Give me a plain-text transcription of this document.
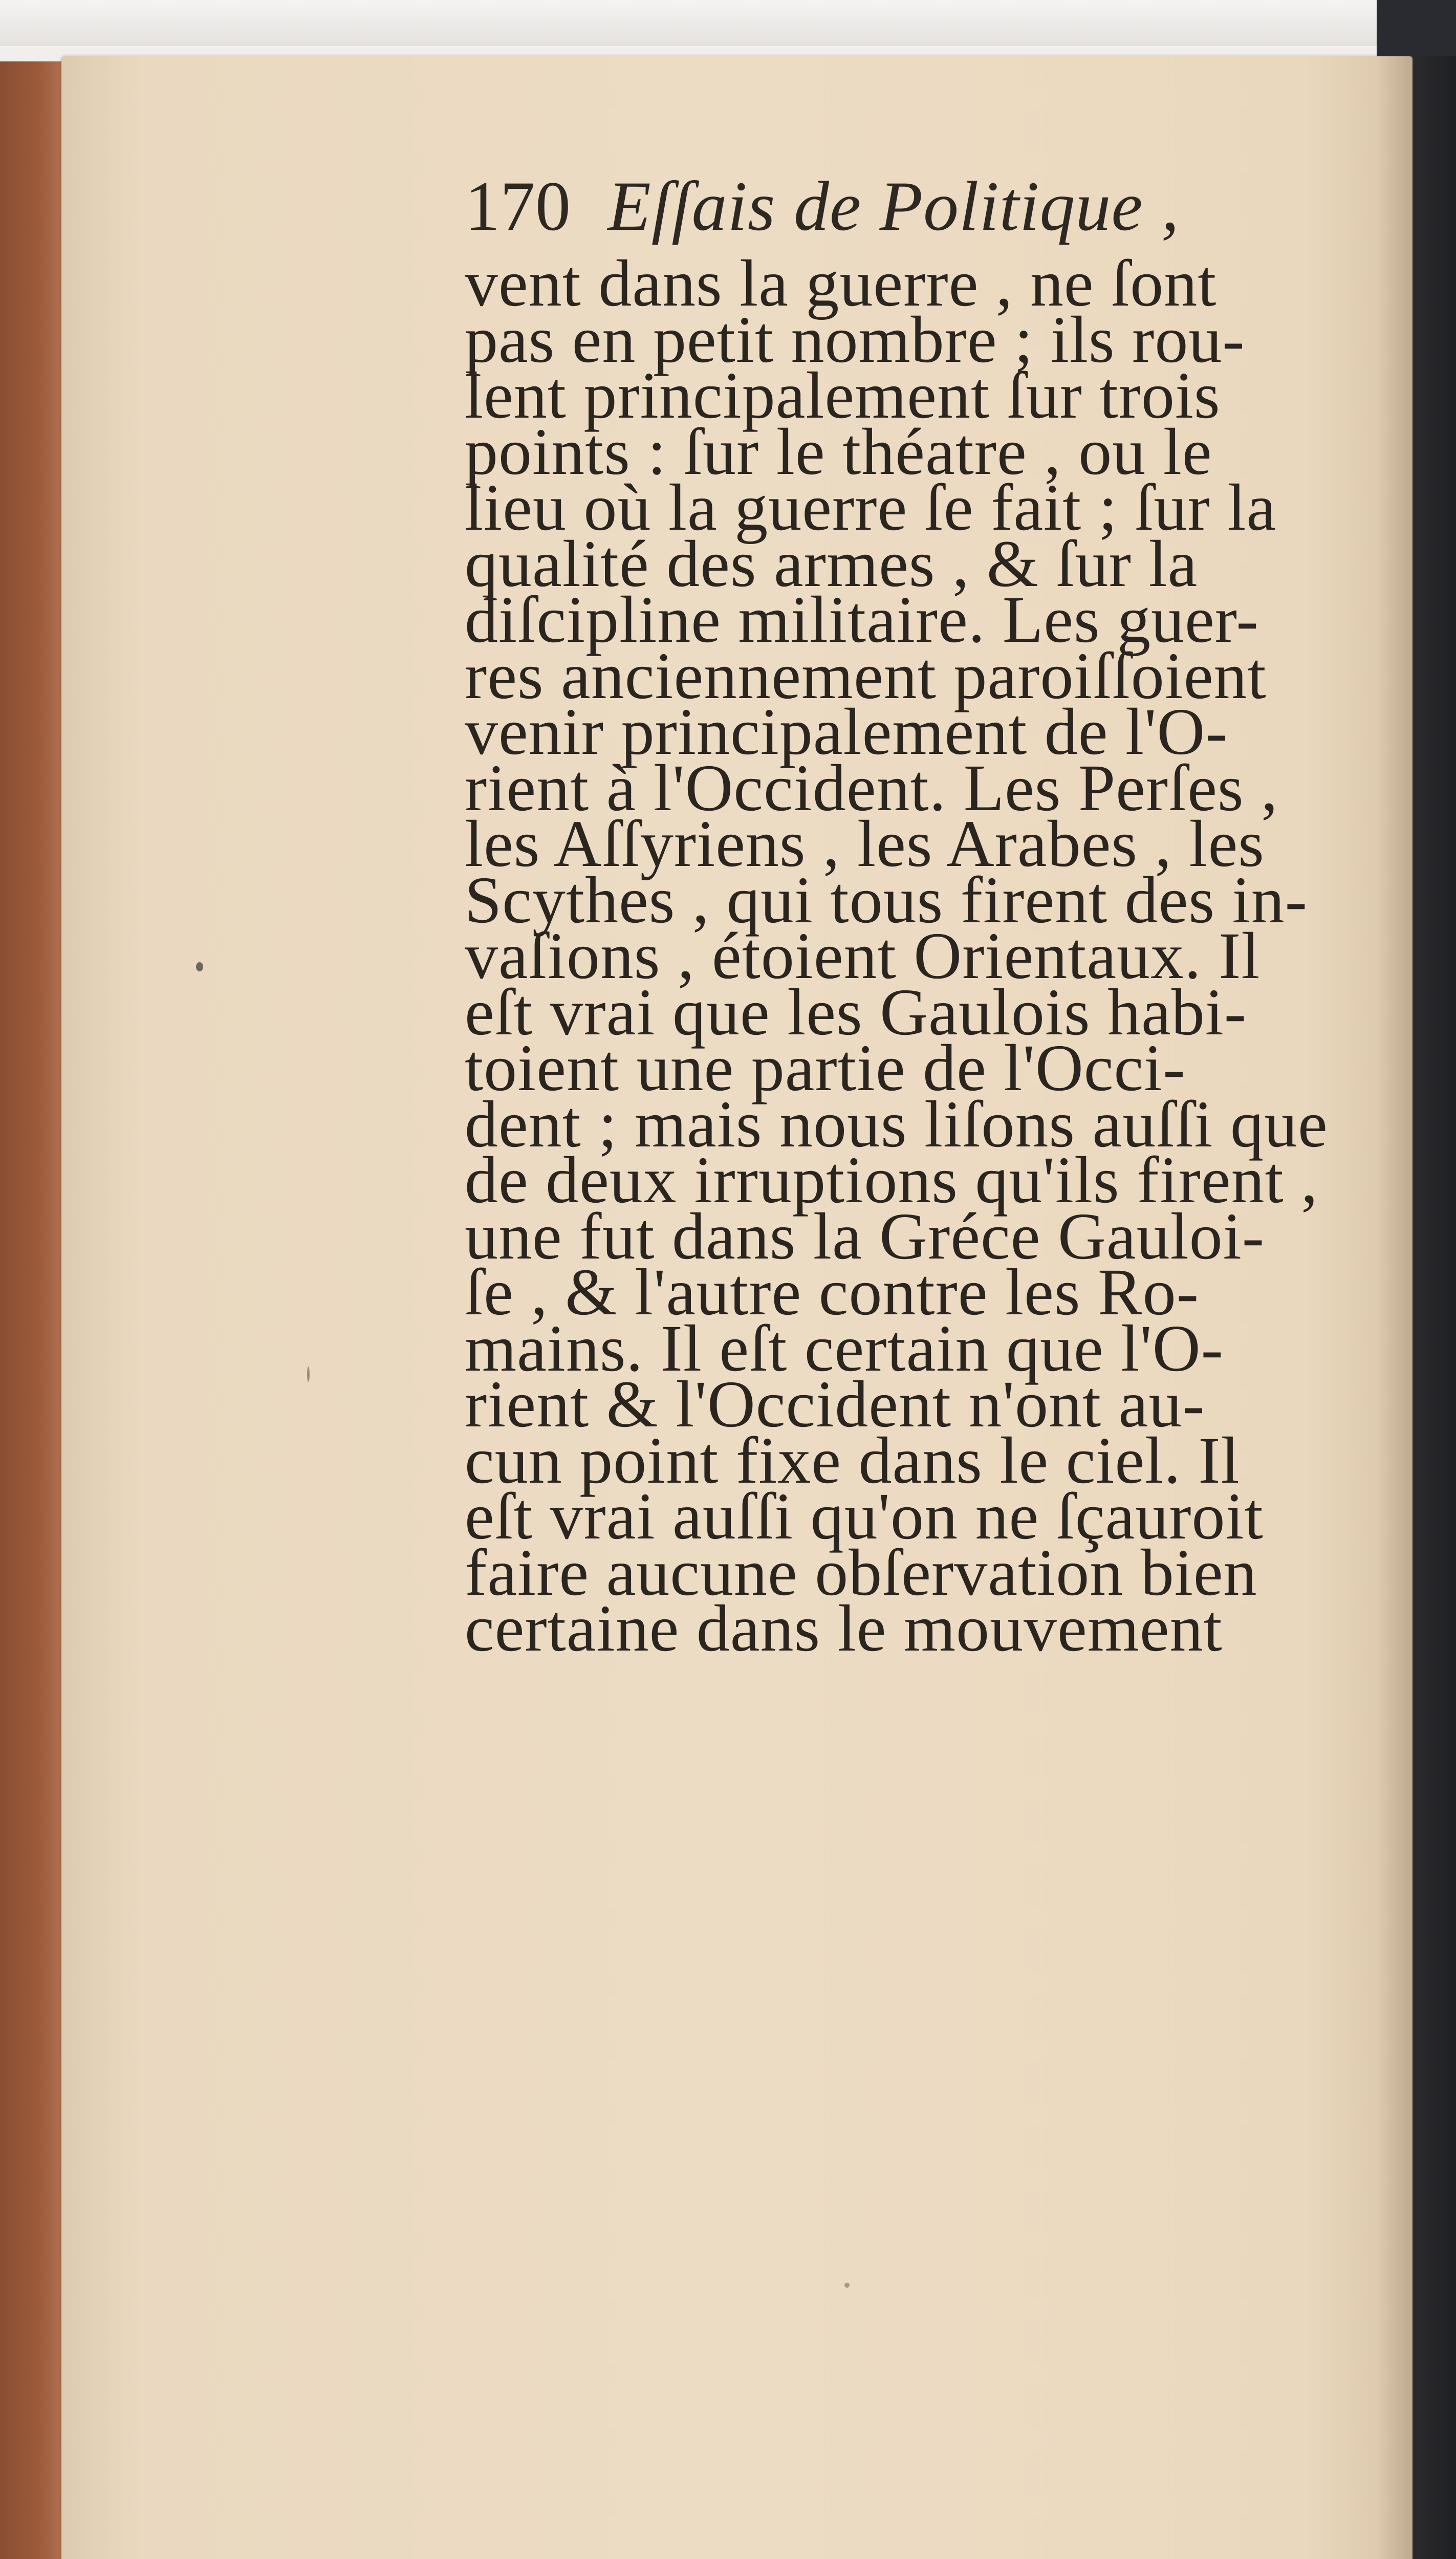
170 Eſſais de Politique ,
vent dans la guerre , ne ſont
pas en petit nombre ; ils rou-
lent principalement ſur trois
points : ſur le théatre , ou le
lieu où la guerre ſe fait ; ſur la
qualité des armes , & ſur la
diſcipline militaire. Les guer-
res anciennement paroiſſoient
venir principalement de l'O-
rient à l'Occident. Les Perſes ,
les Aſſyriens , les Arabes , les
Scythes , qui tous firent des in-
vaſions , étoient Orientaux. Il
eſt vrai que les Gaulois habi-
toient une partie de l'Occi-
dent ; mais nous liſons auſſi que
de deux irruptions qu'ils firent ,
une fut dans la Gréce Gauloi-
ſe , & l'autre contre les Ro-
mains. Il eſt certain que l'O-
rient & l'Occident n'ont au-
cun point fixe dans le ciel. Il
eſt vrai auſſi qu'on ne ſçauroit
faire aucune obſervation bien
certaine dans le mouvement
